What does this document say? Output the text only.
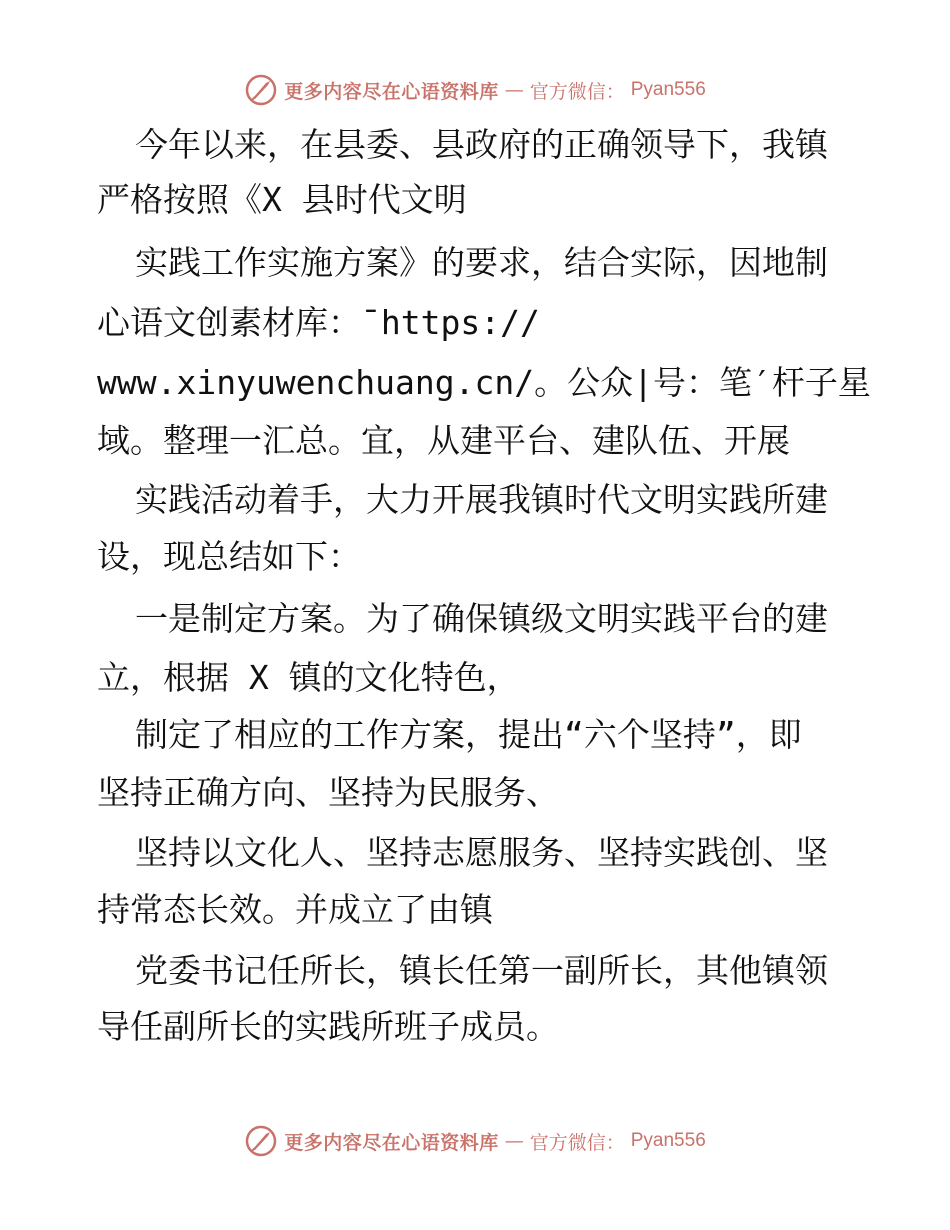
更多内容尽在心语资料库 — 官方微信： Pyan556
今年以来，在县委、县政府的正确领导下，我镇
严格按照《X 县时代文明
实践工作实施方案》的要求，结合实际，因地制
心语文创素材库：¯https://
www.xinyuwenchuang.cn/。公众|号：笔′杆子星
域。整理一汇总。宜，从建平台、建队伍、开展
实践活动着手，大力开展我镇时代文明实践所建
设，现总结如下：
一是制定方案。为了确保镇级文明实践平台的建
立，根据 X 镇的文化特色，
制定了相应的工作方案，提出“六个坚持”，即
坚持正确方向、坚持为民服务、
坚持以文化人、坚持志愿服务、坚持实践创、坚
持常态长效。并成立了由镇
党委书记任所长，镇长任第一副所长，其他镇领
导任副所长的实践所班子成员。
更多内容尽在心语资料库 — 官方微信： Pyan556
